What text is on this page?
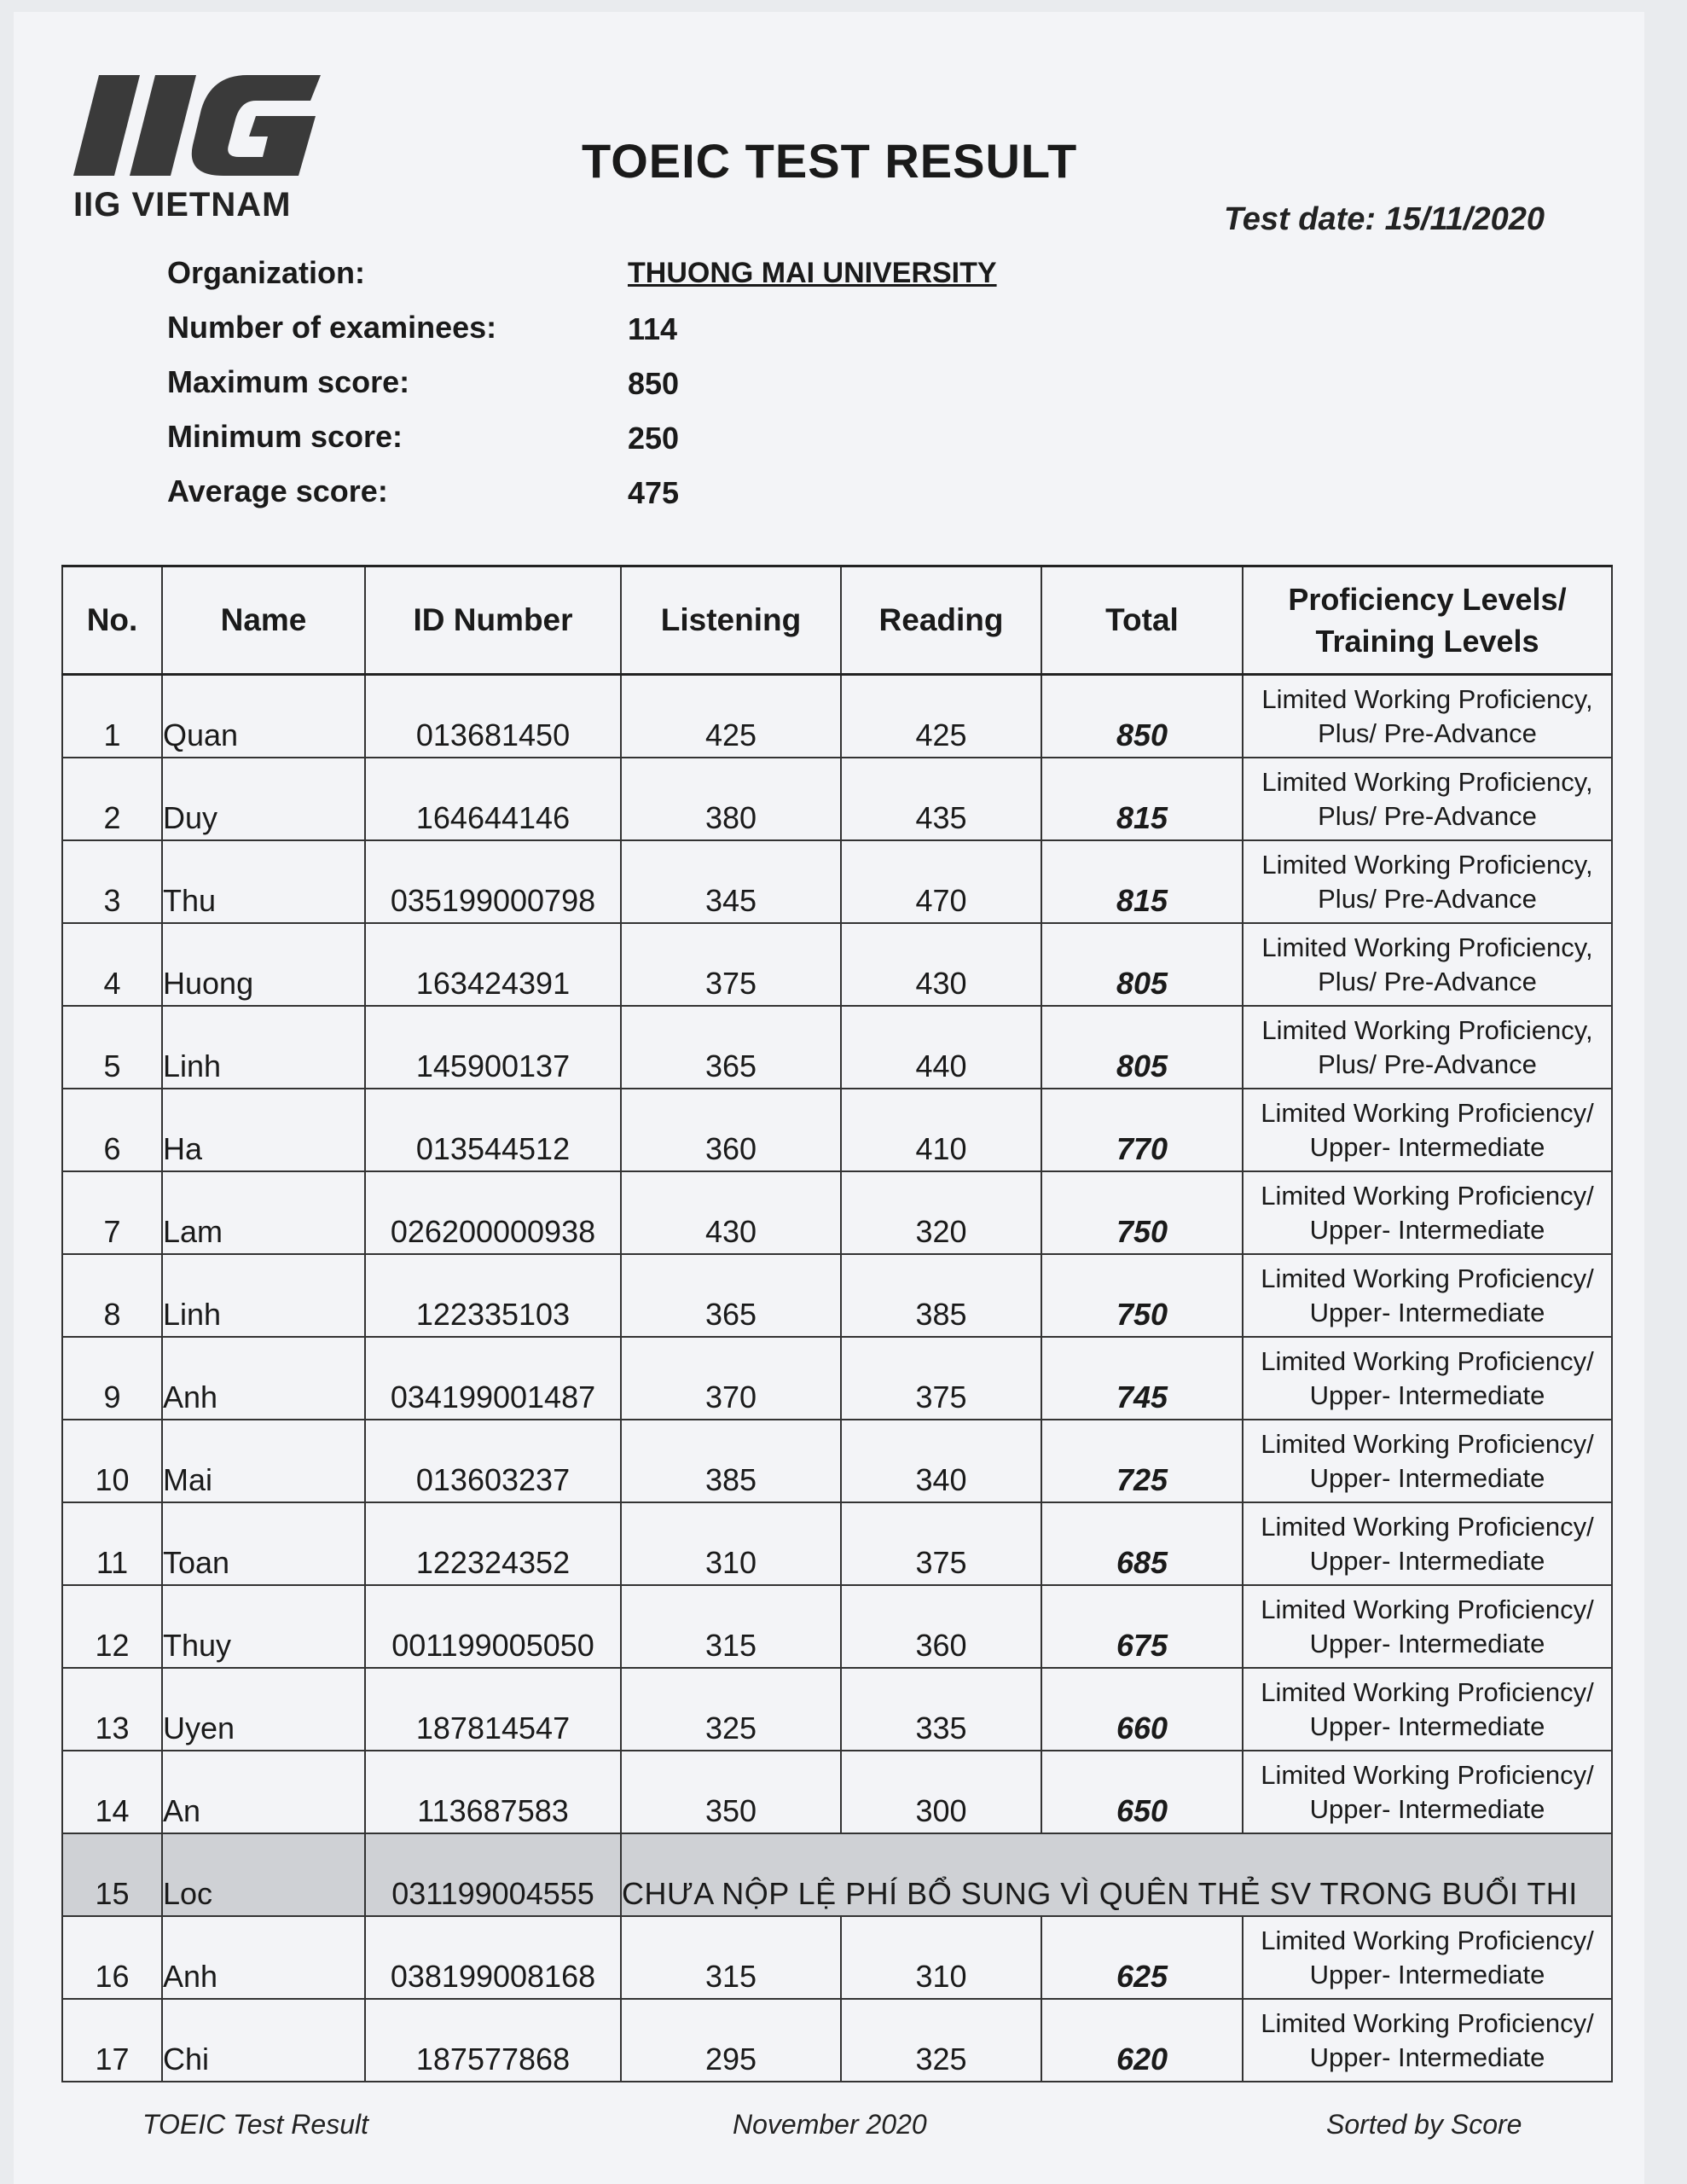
IIG VIETNAM
TOEIC TEST RESULT
Test date: 15/11/2020
Organization:	THUONG MAI UNIVERSITY
Number of examinees:	114
Maximum score:	850
Minimum score:	250
Average score:	475
No.	Name	ID Number	Listening	Reading	Total	Proficiency Levels/
Training Levels
1	Quan	013681450	425	425	850	Limited Working Proficiency,
Plus/ Pre-Advance
2	Duy	164644146	380	435	815	Limited Working Proficiency,
Plus/ Pre-Advance
3	Thu	035199000798	345	470	815	Limited Working Proficiency,
Plus/ Pre-Advance
4	Huong	163424391	375	430	805	Limited Working Proficiency,
Plus/ Pre-Advance
5	Linh	145900137	365	440	805	Limited Working Proficiency,
Plus/ Pre-Advance
6	Ha	013544512	360	410	770	Limited Working Proficiency/
Upper- Intermediate
7	Lam	026200000938	430	320	750	Limited Working Proficiency/
Upper- Intermediate
8	Linh	122335103	365	385	750	Limited Working Proficiency/
Upper- Intermediate
9	Anh	034199001487	370	375	745	Limited Working Proficiency/
Upper- Intermediate
10	Mai	013603237	385	340	725	Limited Working Proficiency/
Upper- Intermediate
11	Toan	122324352	310	375	685	Limited Working Proficiency/
Upper- Intermediate
12	Thuy	001199005050	315	360	675	Limited Working Proficiency/
Upper- Intermediate
13	Uyen	187814547	325	335	660	Limited Working Proficiency/
Upper- Intermediate
14	An	113687583	350	300	650	Limited Working Proficiency/
Upper- Intermediate
15	Loc	031199004555	CHƯA NỘP LỆ PHÍ BỔ SUNG VÌ QUÊN THẺ SV TRONG BUỔI THI			
16	Anh	038199008168	315	310	625	Limited Working Proficiency/
Upper- Intermediate
17	Chi	187577868	295	325	620	Limited Working Proficiency/
Upper- Intermediate
TOEIC Test Result	November 2020	Sorted by Score
